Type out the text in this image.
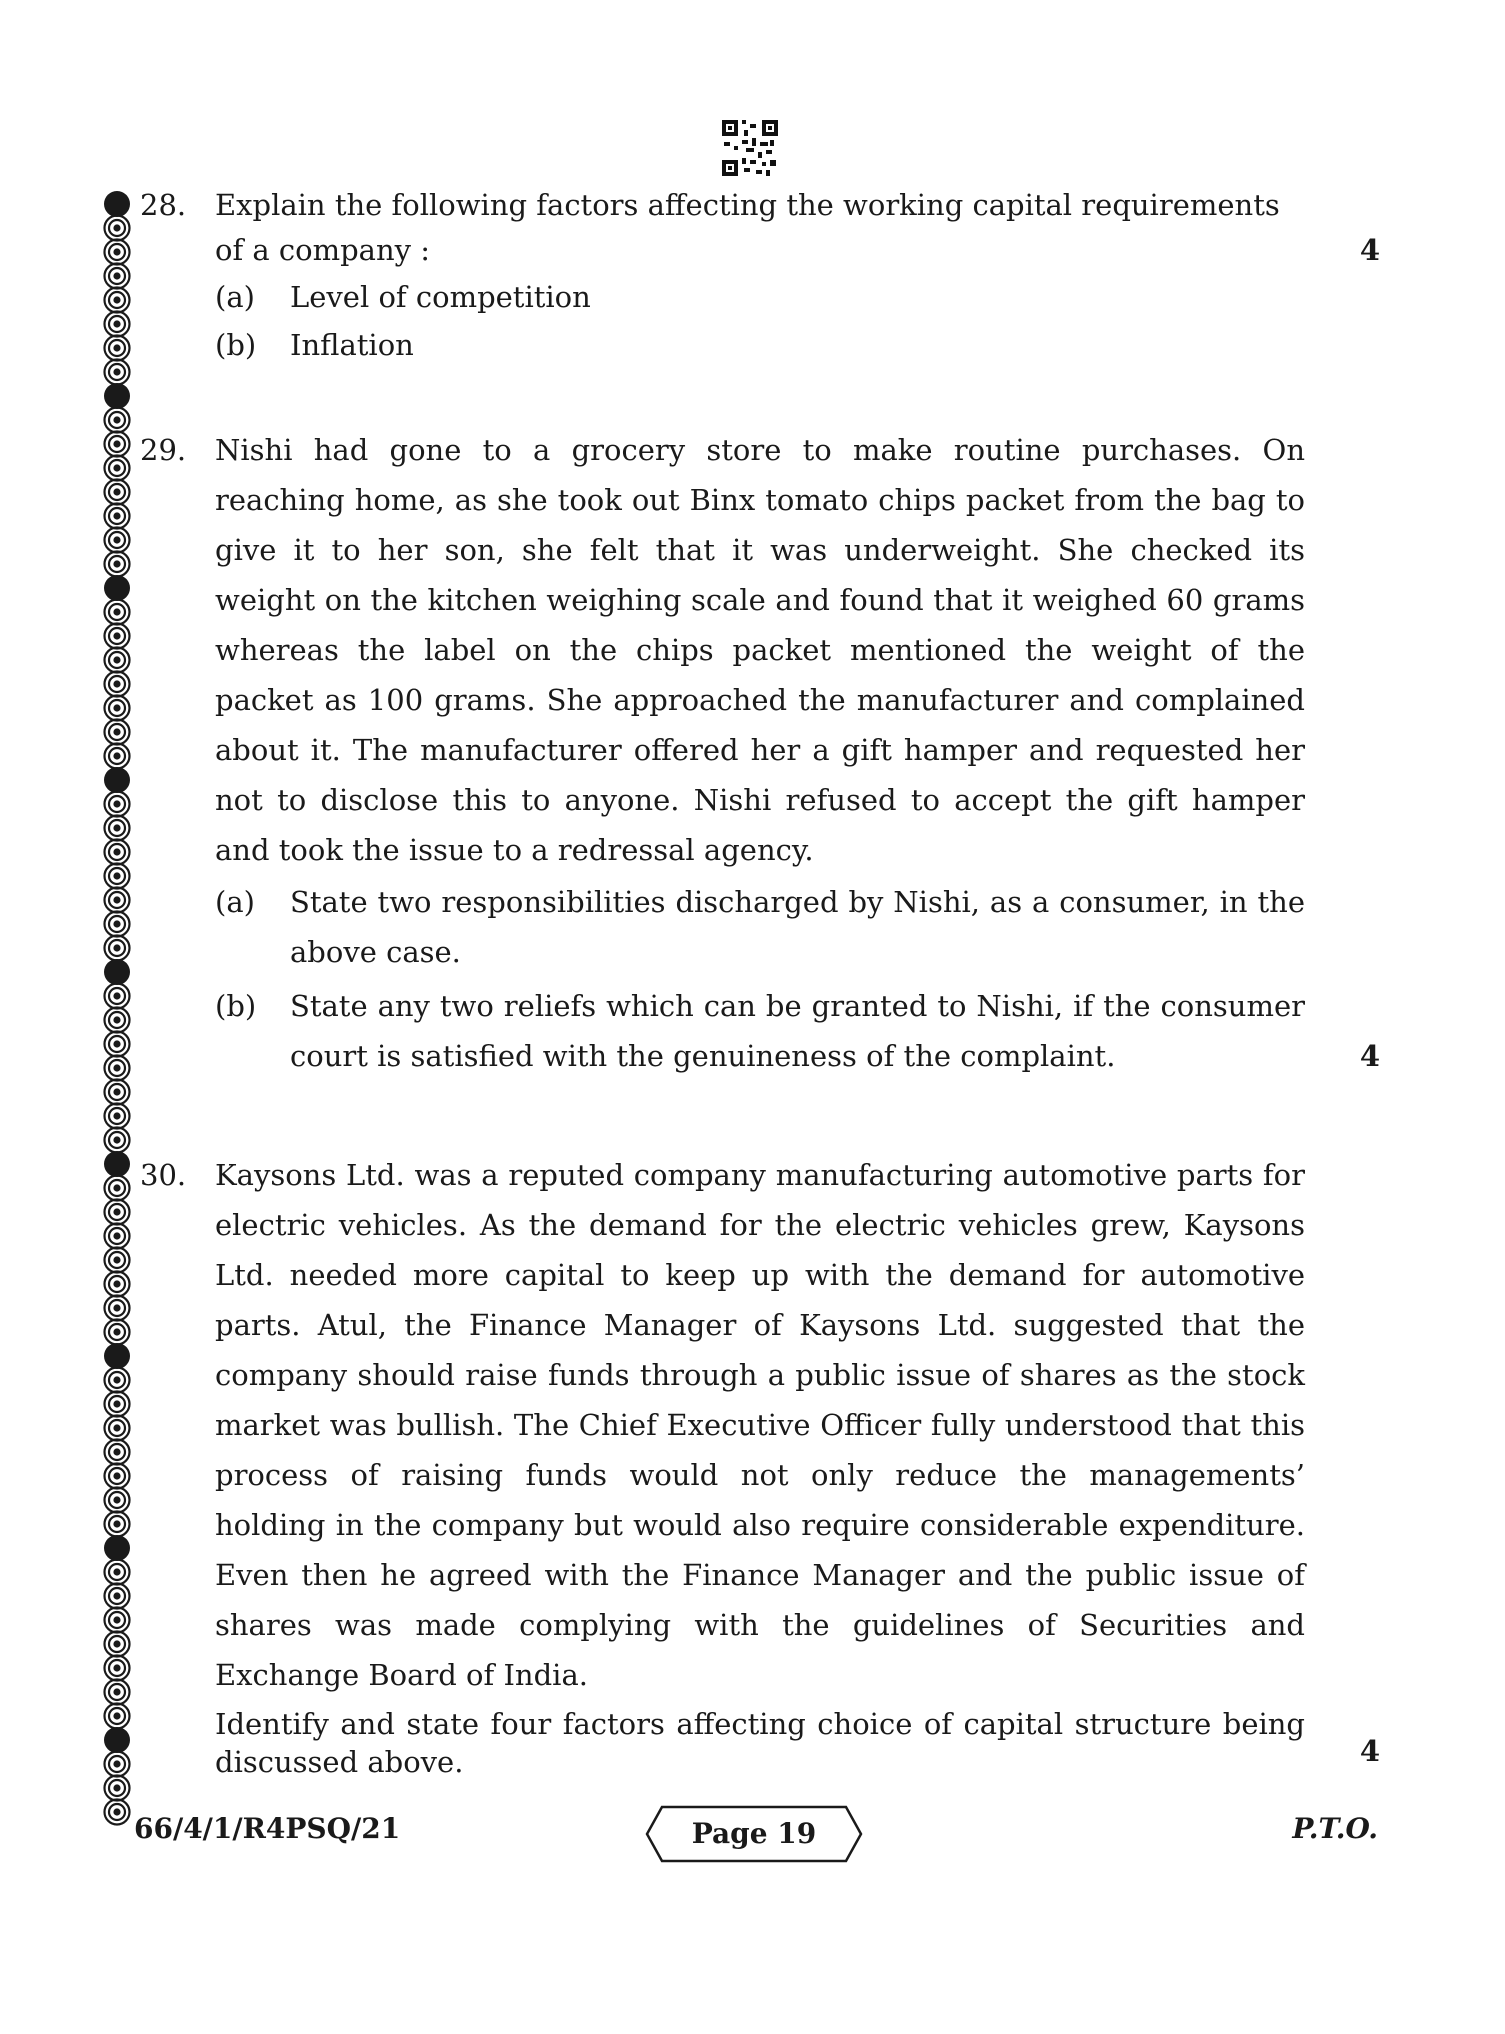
28. Explain the following factors affecting the working capital requirements
of a company :	4
(a)	Level of competition
(b)	Inflation
29. Nishi had gone to a grocery store to make routine purchases. On reaching home, as she took out Binx tomato chips packet from the bag to give it to her son, she felt that it was underweight. She checked its weight on the kitchen weighing scale and found that it weighed 60 grams whereas the label on the chips packet mentioned the weight of the packet as 100 grams. She approached the manufacturer and complained about it. The manufacturer offered her a gift hamper and requested her not to disclose this to anyone. Nishi refused to accept the gift hamper and took the issue to a redressal agency.
(a)	State two responsibilities discharged by Nishi, as a consumer, in the above case.
(b)	State any two reliefs which can be granted to Nishi, if the consumer court is satisfied with the genuineness of the complaint.	4
30. Kaysons Ltd. was a reputed company manufacturing automotive parts for electric vehicles. As the demand for the electric vehicles grew, Kaysons Ltd. needed more capital to keep up with the demand for automotive parts. Atul, the Finance Manager of Kaysons Ltd. suggested that the company should raise funds through a public issue of shares as the stock market was bullish. The Chief Executive Officer fully understood that this process of raising funds would not only reduce the managements’ holding in the company but would also require considerable expenditure. Even then he agreed with the Finance Manager and the public issue of shares was made complying with the guidelines of Securities and Exchange Board of India.
Identify and state four factors affecting choice of capital structure being discussed above.	4
66/4/1/R4PSQ/21	Page 19	P.T.O.
